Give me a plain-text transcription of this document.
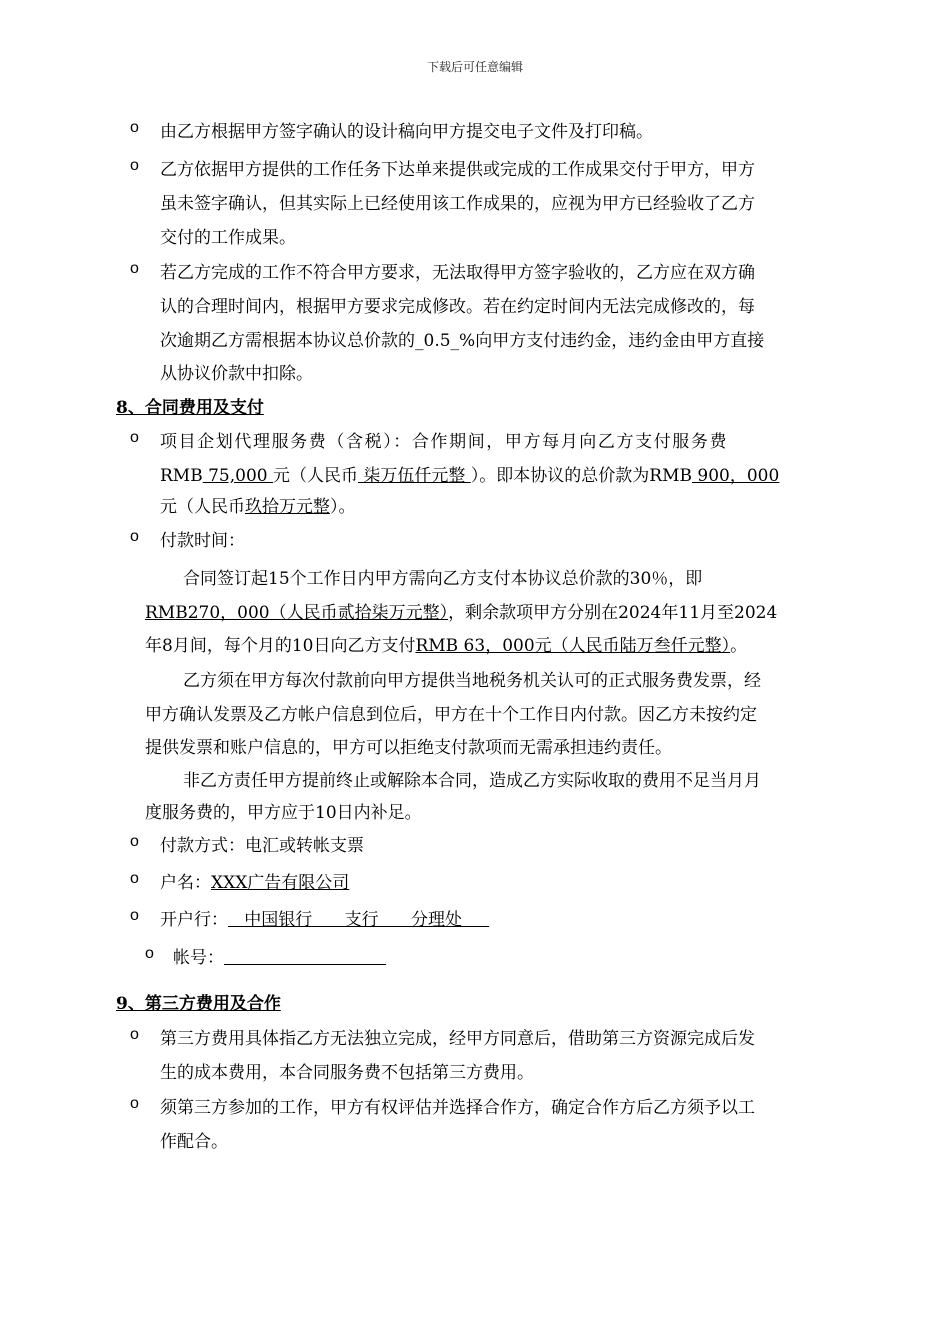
下载后可任意编辑
o 由乙方根据甲方签字确认的设计稿向甲方提交电子文件及打印稿。
o 乙方依据甲方提供的工作任务下达单来提供或完成的工作成果交付于甲方，甲方
虽未签字确认，但其实际上已经使用该工作成果的，应视为甲方已经验收了乙方
交付的工作成果。
o 若乙方完成的工作不符合甲方要求，无法取得甲方签字验收的，乙方应在双方确
认的合理时间内，根据甲方要求完成修改。若在约定时间内无法完成修改的，每
次逾期乙方需根据本协议总价款的_0.5_%向甲方支付违约金，违约金由甲方直接
从协议价款中扣除。
8、合同费用及支付
o 项目企划代理服务费（含税）：合作期间，甲方每月向乙方支付服务费
RMB 75,000 元（人民币 柒万伍仟元整 ）。即本协议的总价款为RMB 900，000
元（人民币玖拾万元整）。
o 付款时间：
合同签订起15个工作日内甲方需向乙方支付本协议总价款的30％，即
RMB270，000（人民币贰拾柒万元整），剩余款项甲方分别在2024年11月至2024
年8月间，每个月的10日向乙方支付RMB 63，000元（人民币陆万叁仟元整）。
乙方须在甲方每次付款前向甲方提供当地税务机关认可的正式服务费发票，经
甲方确认发票及乙方帐户信息到位后，甲方在十个工作日内付款。因乙方未按约定
提供发票和账户信息的，甲方可以拒绝支付款项而无需承担违约责任。
非乙方责任甲方提前终止或解除本合同，造成乙方实际收取的费用不足当月月
度服务费的，甲方应于10日内补足。
o 付款方式：电汇或转帐支票
o 户名：XXX广告有限公司
o 开户行：   中国银行      支行      分理处
o 帐号：
9、第三方费用及合作
o 第三方费用具体指乙方无法独立完成，经甲方同意后，借助第三方资源完成后发
生的成本费用，本合同服务费不包括第三方费用。
o 须第三方参加的工作，甲方有权评估并选择合作方，确定合作方后乙方须予以工
作配合。
